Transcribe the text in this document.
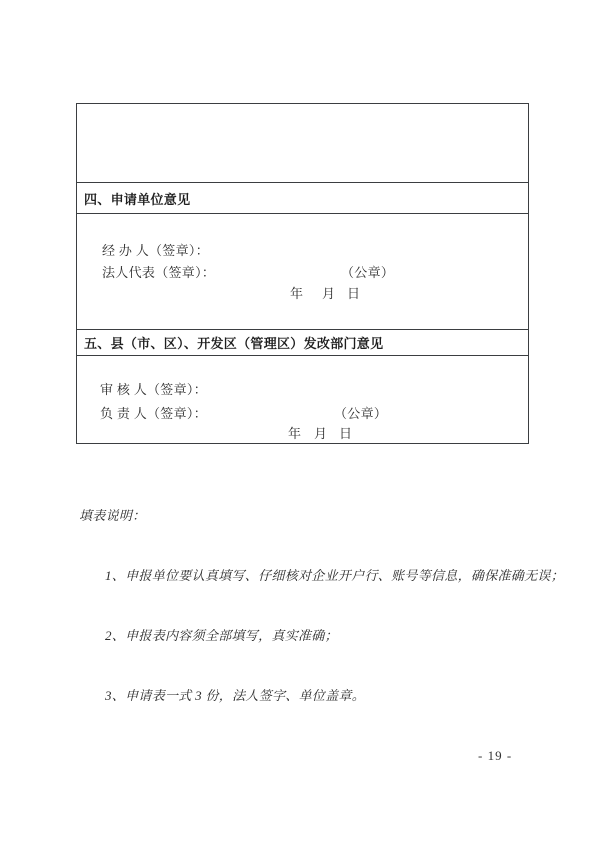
四、申请单位意见
经 办 人（签章）：
法人代表（签章）：	（公章）
年 月 日
五、县（市、区）、开发区（管理区）发改部门意见
审 核 人（签章）：
负 责 人（签章）：	（公章）
年 月 日

填表说明：

1、申报单位要认真填写、仔细核对企业开户行、账号等信息，确保准确无误；

2、申报表内容须全部填写，真实准确；

3、申请表一式 3 份，法人签字、单位盖章。

- 19 -
